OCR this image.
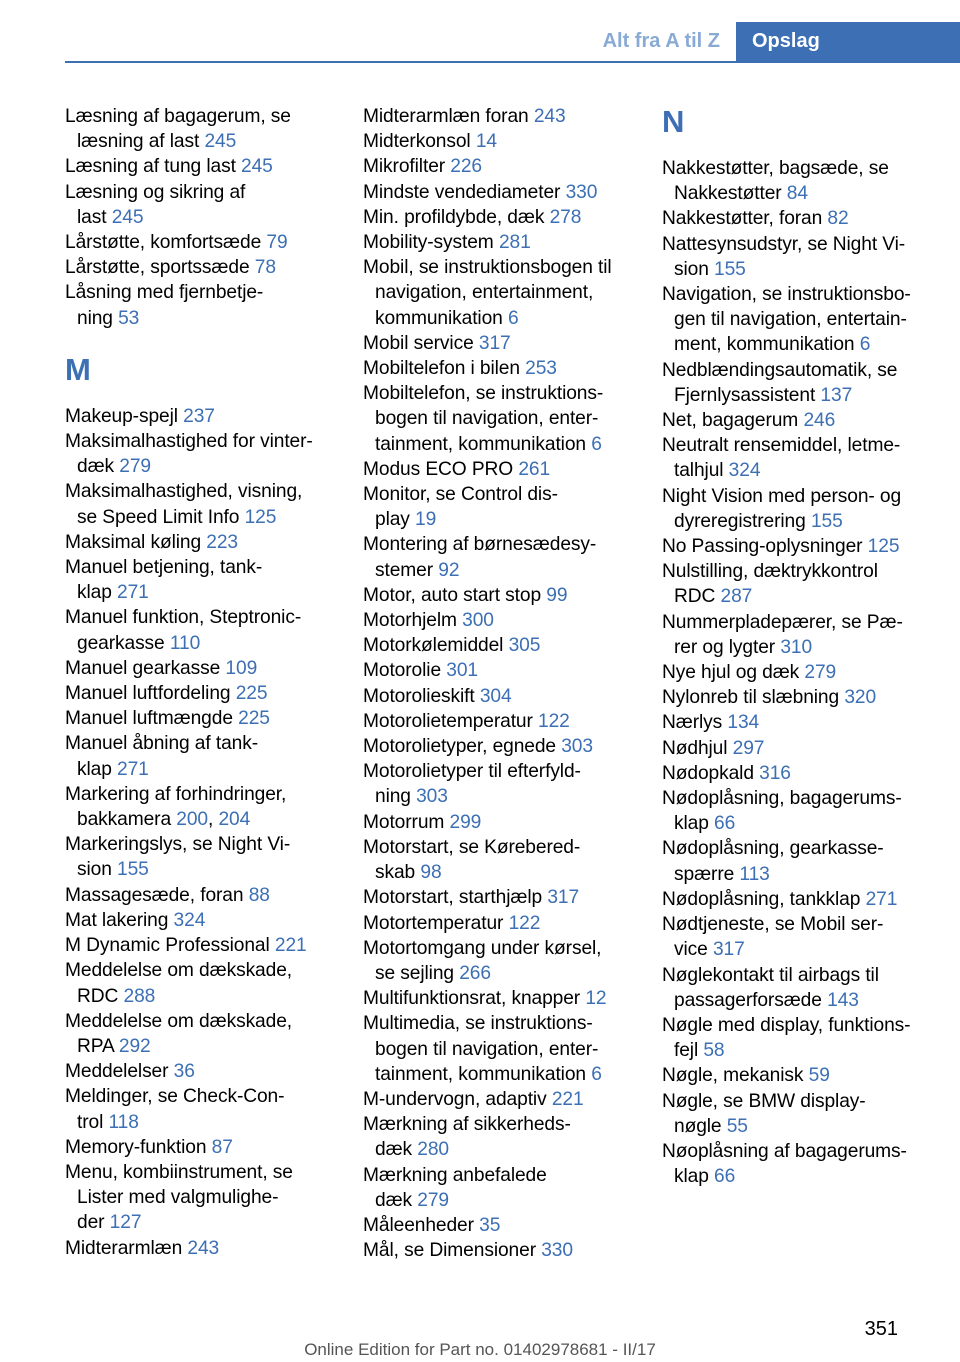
Alt fra A til Z Opslag
Læsning af bagagerum, se
læsning af last 245
Læsning af tung last 245
Læsning og sikring af
last 245
Lårstøtte, komfortsæde 79
Lårstøtte, sportssæde 78
Låsning med fjernbetje-
ning 53
M
Makeup-spejl 237
Maksimalhastighed for vinter-
dæk 279
Maksimalhastighed, visning,
se Speed Limit Info 125
Maksimal køling 223
Manuel betjening, tank-
klap 271
Manuel funktion, Steptronic-
gearkasse 110
Manuel gearkasse 109
Manuel luftfordeling 225
Manuel luftmængde 225
Manuel åbning af tank-
klap 271
Markering af forhindringer,
bakkamera 200, 204
Markeringslys, se Night Vi-
sion 155
Massagesæde, foran 88
Mat lakering 324
M Dynamic Professional 221
Meddelelse om dækskade,
RDC 288
Meddelelse om dækskade,
RPA 292
Meddelelser 36
Meldinger, se Check-Con-
trol 118
Memory-funktion 87
Menu, kombiinstrument, se
Lister med valgmulighe-
der 127
Midterarmlæn 243
Midterarmlæn foran 243
Midterkonsol 14
Mikrofilter 226
Mindste vendediameter 330
Min. profildybde, dæk 278
Mobility-system 281
Mobil, se instruktionsbogen til
navigation, entertainment,
kommunikation 6
Mobil service 317
Mobiltelefon i bilen 253
Mobiltelefon, se instruktions-
bogen til navigation, enter-
tainment, kommunikation 6
Modus ECO PRO 261
Monitor, se Control dis-
play 19
Montering af børnesædesy-
stemer 92
Motor, auto start stop 99
Motorhjelm 300
Motorkølemiddel 305
Motorolie 301
Motorolieskift 304
Motorolietemperatur 122
Motorolietyper, egnede 303
Motorolietyper til efterfyld-
ning 303
Motorrum 299
Motorstart, se Kørebered-
skab 98
Motorstart, starthjælp 317
Motortemperatur 122
Motortomgang under kørsel,
se sejling 266
Multifunktionsrat, knapper 12
Multimedia, se instruktions-
bogen til navigation, enter-
tainment, kommunikation 6
M-undervogn, adaptiv 221
Mærkning af sikkerheds-
dæk 280
Mærkning anbefalede
dæk 279
Måleenheder 35
Mål, se Dimensioner 330
N
Nakkestøtter, bagsæde, se
Nakkestøtter 84
Nakkestøtter, foran 82
Nattesynsudstyr, se Night Vi-
sion 155
Navigation, se instruktionsbo-
gen til navigation, entertain-
ment, kommunikation 6
Nedblændingsautomatik, se
Fjernlysassistent 137
Net, bagagerum 246
Neutralt rensemiddel, letme-
talhjul 324
Night Vision med person- og
dyreregistrering 155
No Passing-oplysninger 125
Nulstilling, dæktrykkontrol
RDC 287
Nummerpladepærer, se Pæ-
rer og lygter 310
Nye hjul og dæk 279
Nylonreb til slæbning 320
Nærlys 134
Nødhjul 297
Nødopkald 316
Nødoplåsning, bagagerums-
klap 66
Nødoplåsning, gearkasse-
spærre 113
Nødoplåsning, tankklap 271
Nødtjeneste, se Mobil ser-
vice 317
Nøglekontakt til airbags til
passagerforsæde 143
Nøgle med display, funktions-
fejl 58
Nøgle, mekanisk 59
Nøgle, se BMW display-
nøgle 55
Nøoplåsning af bagagerums-
klap 66
351
Online Edition for Part no. 01402978681 - II/17
